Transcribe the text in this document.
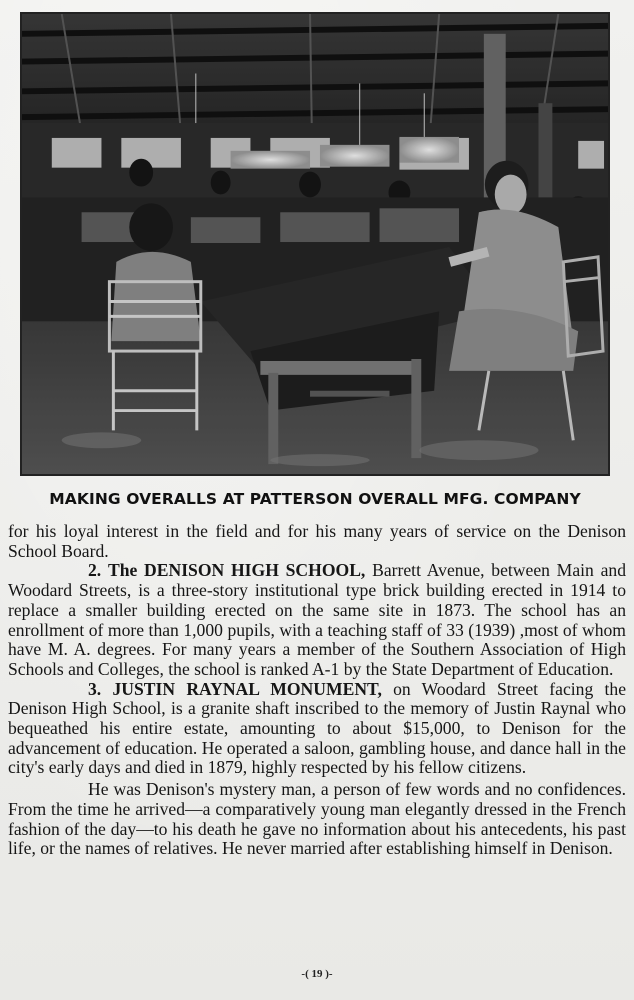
MAKING OVERALLS AT PATTERSON OVERALL MFG. COMPANY

for his loyal interest in the field and for his many years of service on the Denison School Board.

2. The DENISON HIGH SCHOOL, Barrett Avenue, between Main and Woodard Streets, is a three-story institutional type brick building erected in 1914 to replace a smaller building erected on the same site in 1873. The school has an enrollment of more than 1,000 pupils, with a teaching staff of 33 (1939) ,most of whom have M. A. degrees. For many years a member of the Southern Association of High Schools and Colleges, the school is ranked A-1 by the State Department of Education.

3. JUSTIN RAYNAL MONUMENT, on Woodard Street facing the Denison High School, is a granite shaft inscribed to the memory of Justin Raynal who bequeathed his entire estate, amounting to about $15,000, to Denison for the advancement of education. He operated a saloon, gambling house, and dance hall in the city's early days and died in 1879, highly respected by his fellow citizens.

He was Denison's mystery man, a person of few words and no confidences. From the time he arrived—a comparatively young man elegantly dressed in the French fashion of the day—to his death he gave no information about his antecedents, his past life, or the names of relatives. He never married after establishing himself in Denison.

-( 19 )-
